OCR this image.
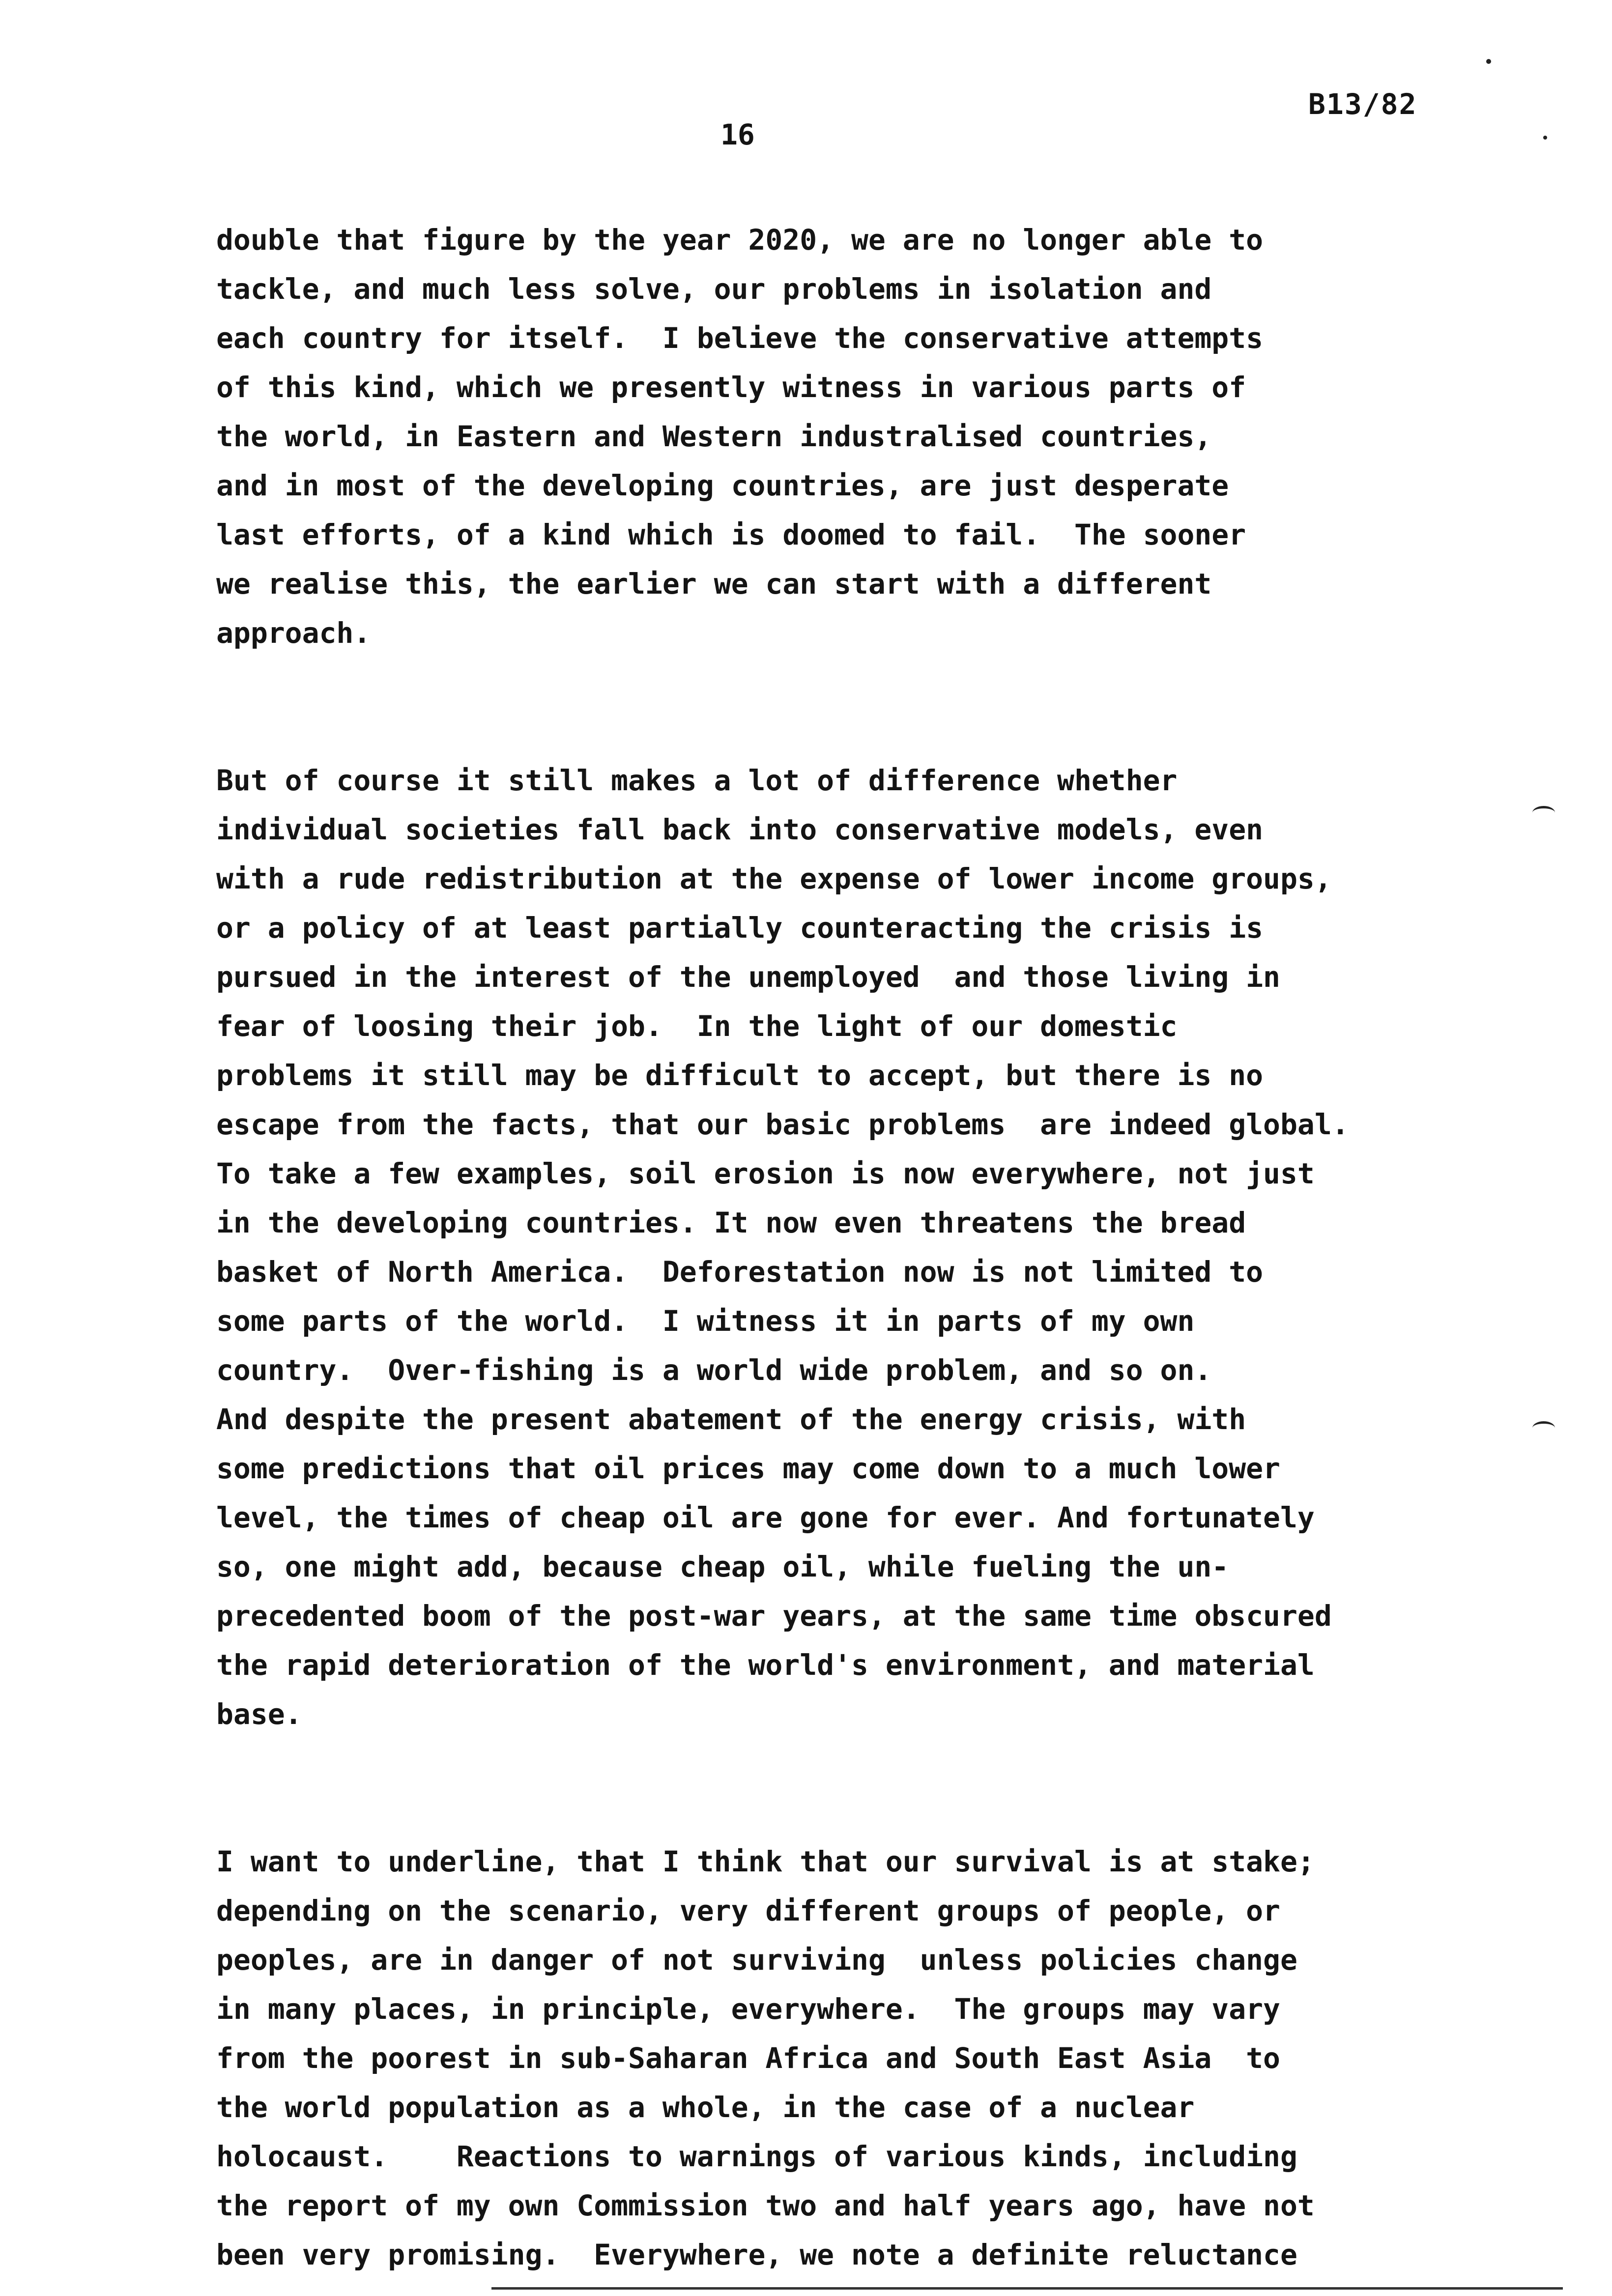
B13/82
16
double that figure by the year 2020, we are no longer able to
tackle, and much less solve, our problems in isolation and
each country for itself.  I believe the conservative attempts
of this kind, which we presently witness in various parts of
the world, in Eastern and Western industralised countries,
and in most of the developing countries, are just desperate
last efforts, of a kind which is doomed to fail.  The sooner
we realise this, the earlier we can start with a different
approach.
But of course it still makes a lot of difference whether
individual societies fall back into conservative models, even
with a rude redistribution at the expense of lower income groups,
or a policy of at least partially counteracting the crisis is
pursued in the interest of the unemployed  and those living in
fear of loosing their job.  In the light of our domestic
problems it still may be difficult to accept, but there is no
escape from the facts, that our basic problems  are indeed global.
To take a few examples, soil erosion is now everywhere, not just
in the developing countries. It now even threatens the bread
basket of North America.  Deforestation now is not limited to
some parts of the world.  I witness it in parts of my own
country.  Over-fishing is a world wide problem, and so on.
And despite the present abatement of the energy crisis, with
some predictions that oil prices may come down to a much lower
level, the times of cheap oil are gone for ever. And fortunately
so, one might add, because cheap oil, while fueling the un-
precedented boom of the post-war years, at the same time obscured
the rapid deterioration of the world's environment, and material
base.
I want to underline, that I think that our survival is at stake;
depending on the scenario, very different groups of people, or
peoples, are in danger of not surviving  unless policies change
in many places, in principle, everywhere.  The groups may vary
from the poorest in sub-Saharan Africa and South East Asia  to
the world population as a whole, in the case of a nuclear
holocaust.    Reactions to warnings of various kinds, including
the report of my own Commission two and half years ago, have not
been very promising.  Everywhere, we note a definite reluctance
